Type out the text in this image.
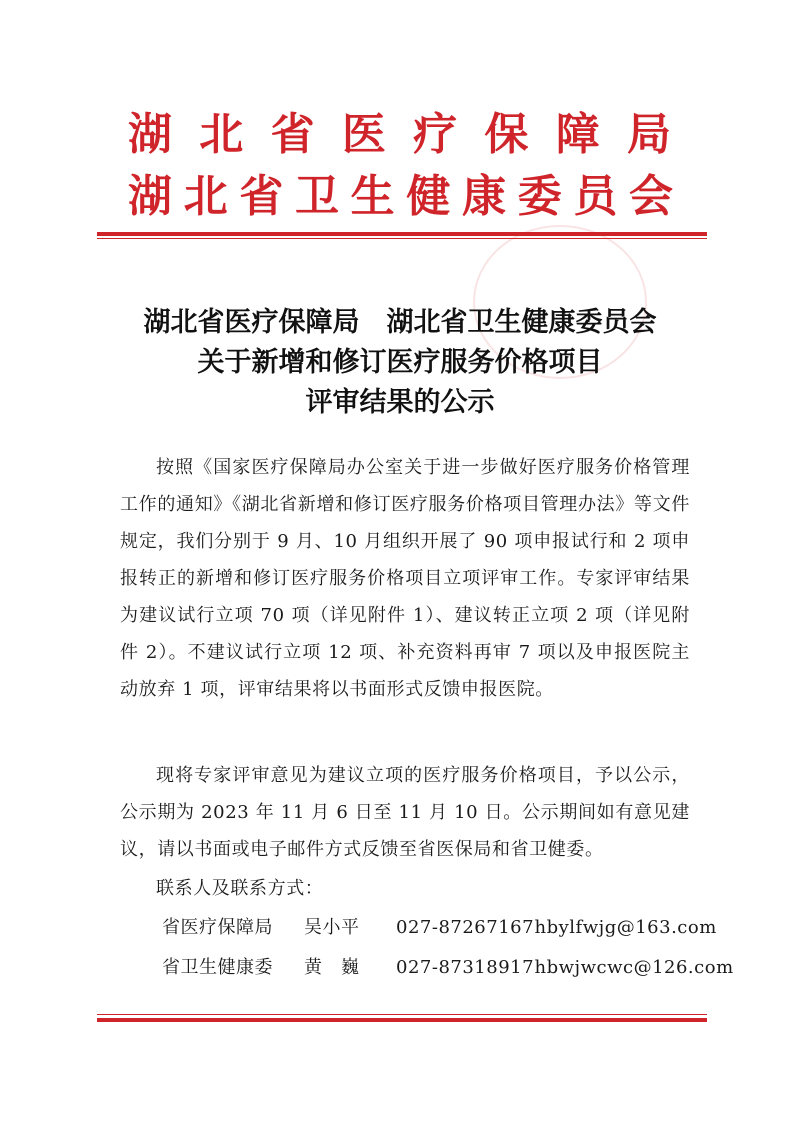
湖 北 省 医 疗 保 障 局
湖北省卫生健康委员会
湖北省医疗保障局　湖北省卫生健康委员会
关于新增和修订医疗服务价格项目
评审结果的公示
按照《国家医疗保障局办公室关于进一步做好医疗服务价格管理工作的通知》《湖北省新增和修订医疗服务价格项目管理办法》等文件规定，我们分别于 9 月、10 月组织开展了 90 项申报试行和 2 项申报转正的新增和修订医疗服务价格项目立项评审工作。专家评审结果为建议试行立项 70 项（详见附件 1）、建议转正立项 2 项（详见附件 2）。不建议试行立项 12 项、补充资料再审 7 项以及申报医院主动放弃 1 项，评审结果将以书面形式反馈申报医院。
现将专家评审意见为建议立项的医疗服务价格项目，予以公示，公示期为 2023 年 11 月 6 日至 11 月 10 日。公示期间如有意见建议，请以书面或电子邮件方式反馈至省医保局和省卫健委。
联系人及联系方式：
省医疗保障局 吴小平 027-87267167　hbylfwjg@163.com
省卫生健康委 黄　巍 027-87318917　hbwjwcwc@126.com
